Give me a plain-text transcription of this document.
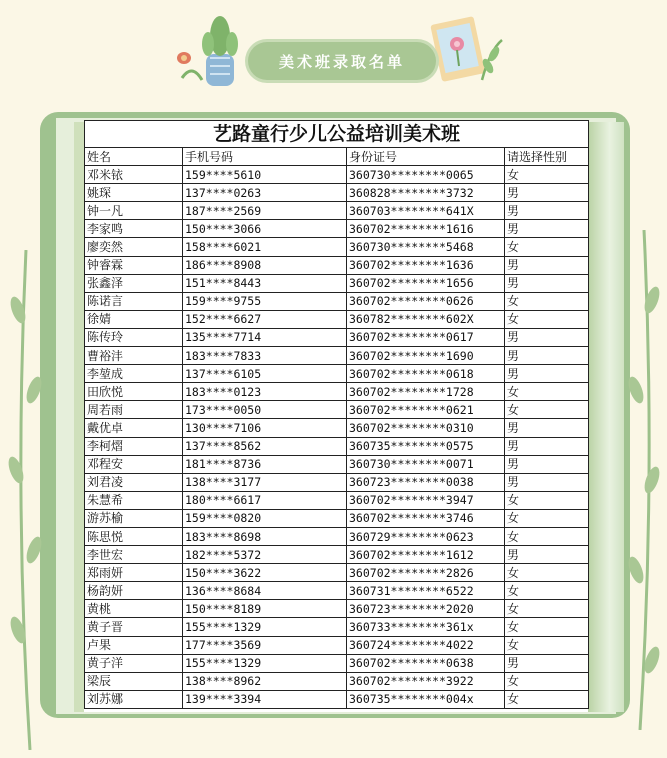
美术班录取名单
艺路童行少儿公益培训美术班			
姓名	手机号码	身份证号	请选择性别
邓米铱	159****5610	360730********0065	女
姚琛	137****0263	360828********3732	男
钟一凡	187****2569	360703********641X	男
李家鸣	150****3066	360702********1616	男
廖奕然	158****6021	360730********5468	女
钟睿霖	186****8908	360702********1636	男
张鑫泽	151****8443	360702********1656	男
陈诺言	159****9755	360702********0626	女
徐婧	152****6627	360782********602X	女
陈传玲	135****7714	360702********0617	男
曹裕沣	183****7833	360702********1690	男
李堃成	137****6105	360702********0618	男
田欣悦	183****0123	360702********1728	女
周若雨	173****0050	360702********0621	女
戴优卓	130****7106	360702********0310	男
李柯熠	137****8562	360735********0575	男
邓程安	181****8736	360730********0071	男
刘君凌	138****3177	360723********0038	男
朱慧希	180****6617	360702********3947	女
游苏榆	159****0820	360702********3746	女
陈思悦	183****8698	360729********0623	女
李世宏	182****5372	360702********1612	男
郑雨妍	150****3622	360702********2826	女
杨韵妍	136****8684	360731********6522	女
黄桃	150****8189	360723********2020	女
黄子晋	155****1329	360733********361x	女
卢果	177****3569	360724********4022	女
黄子洋	155****1329	360702********0638	男
梁辰	138****8962	360702********3922	女
刘苏娜	139****3394	360735********004x	女
